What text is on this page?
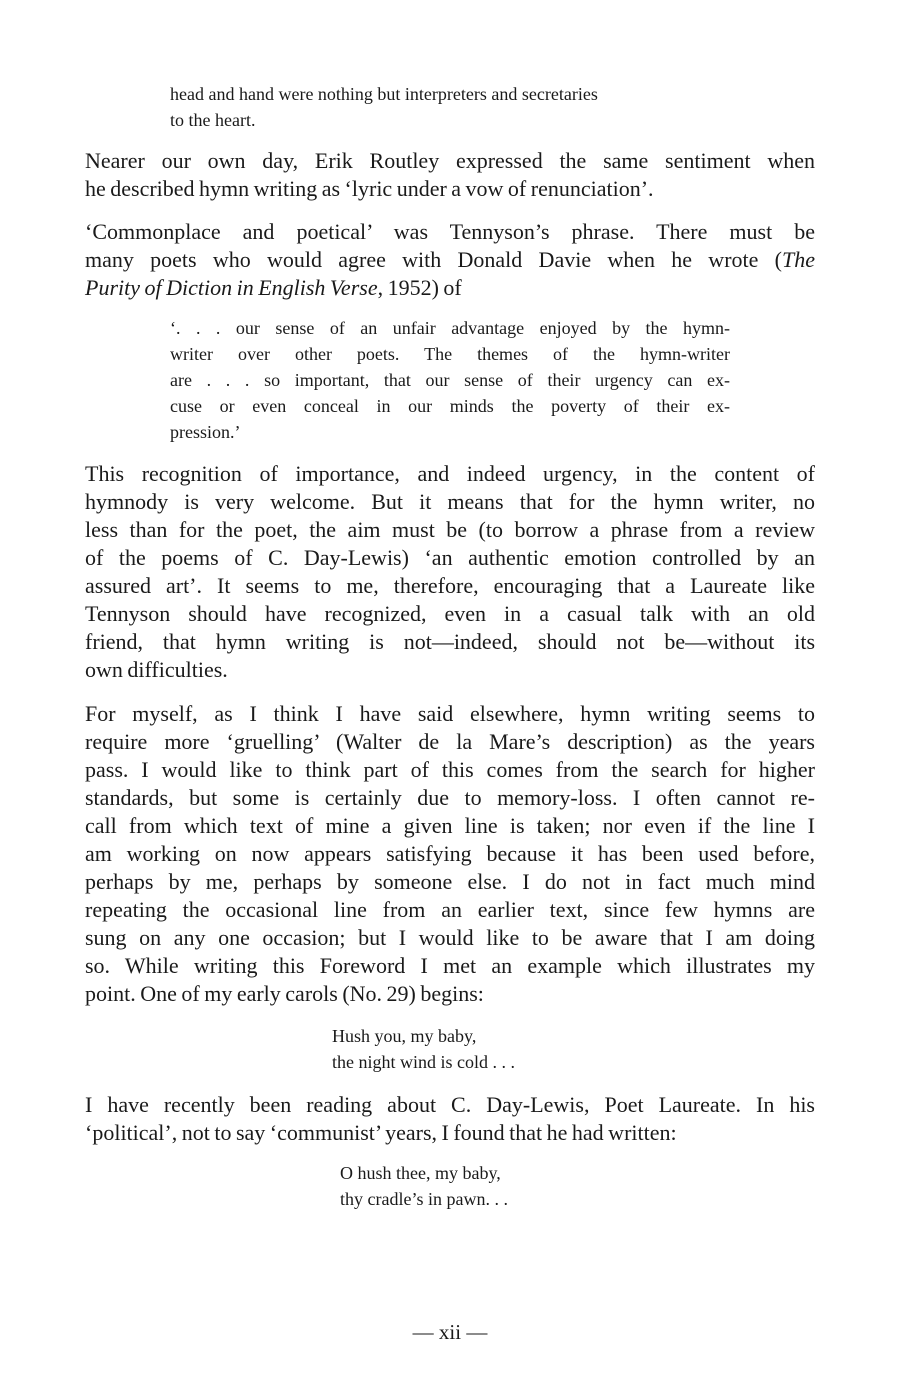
head and hand were nothing but interpreters and secretaries
to the heart.
Nearer our own day, Erik Routley expressed the same sentiment when
he described hymn writing as ‘lyric under a vow of renunciation’.
‘Commonplace and poetical’ was Tennyson’s phrase. There must be
many poets who would agree with Donald Davie when he wrote (The
Purity of Diction in English Verse, 1952) of
‘. . . our sense of an unfair advantage enjoyed by the hymn-
writer over other poets. The themes of the hymn-writer
are . . . so important, that our sense of their urgency can ex-
cuse or even conceal in our minds the poverty of their ex-
pression.’
This recognition of importance, and indeed urgency, in the content of
hymnody is very welcome. But it means that for the hymn writer, no
less than for the poet, the aim must be (to borrow a phrase from a review
of the poems of C. Day-Lewis) ‘an authentic emotion controlled by an
assured art’. It seems to me, therefore, encouraging that a Laureate like
Tennyson should have recognized, even in a casual talk with an old
friend, that hymn writing is not—indeed, should not be—without its
own difficulties.
For myself, as I think I have said elsewhere, hymn writing seems to
require more ‘gruelling’ (Walter de la Mare’s description) as the years
pass. I would like to think part of this comes from the search for higher
standards, but some is certainly due to memory-loss. I often cannot re-
call from which text of mine a given line is taken; nor even if the line I
am working on now appears satisfying because it has been used before,
perhaps by me, perhaps by someone else. I do not in fact much mind
repeating the occasional line from an earlier text, since few hymns are
sung on any one occasion; but I would like to be aware that I am doing
so. While writing this Foreword I met an example which illustrates my
point. One of my early carols (No. 29) begins:
Hush you, my baby,
the night wind is cold . . .
I have recently been reading about C. Day-Lewis, Poet Laureate. In his
‘political’, not to say ‘communist’ years, I found that he had written:
O hush thee, my baby,
thy cradle’s in pawn. . .
— xii —
